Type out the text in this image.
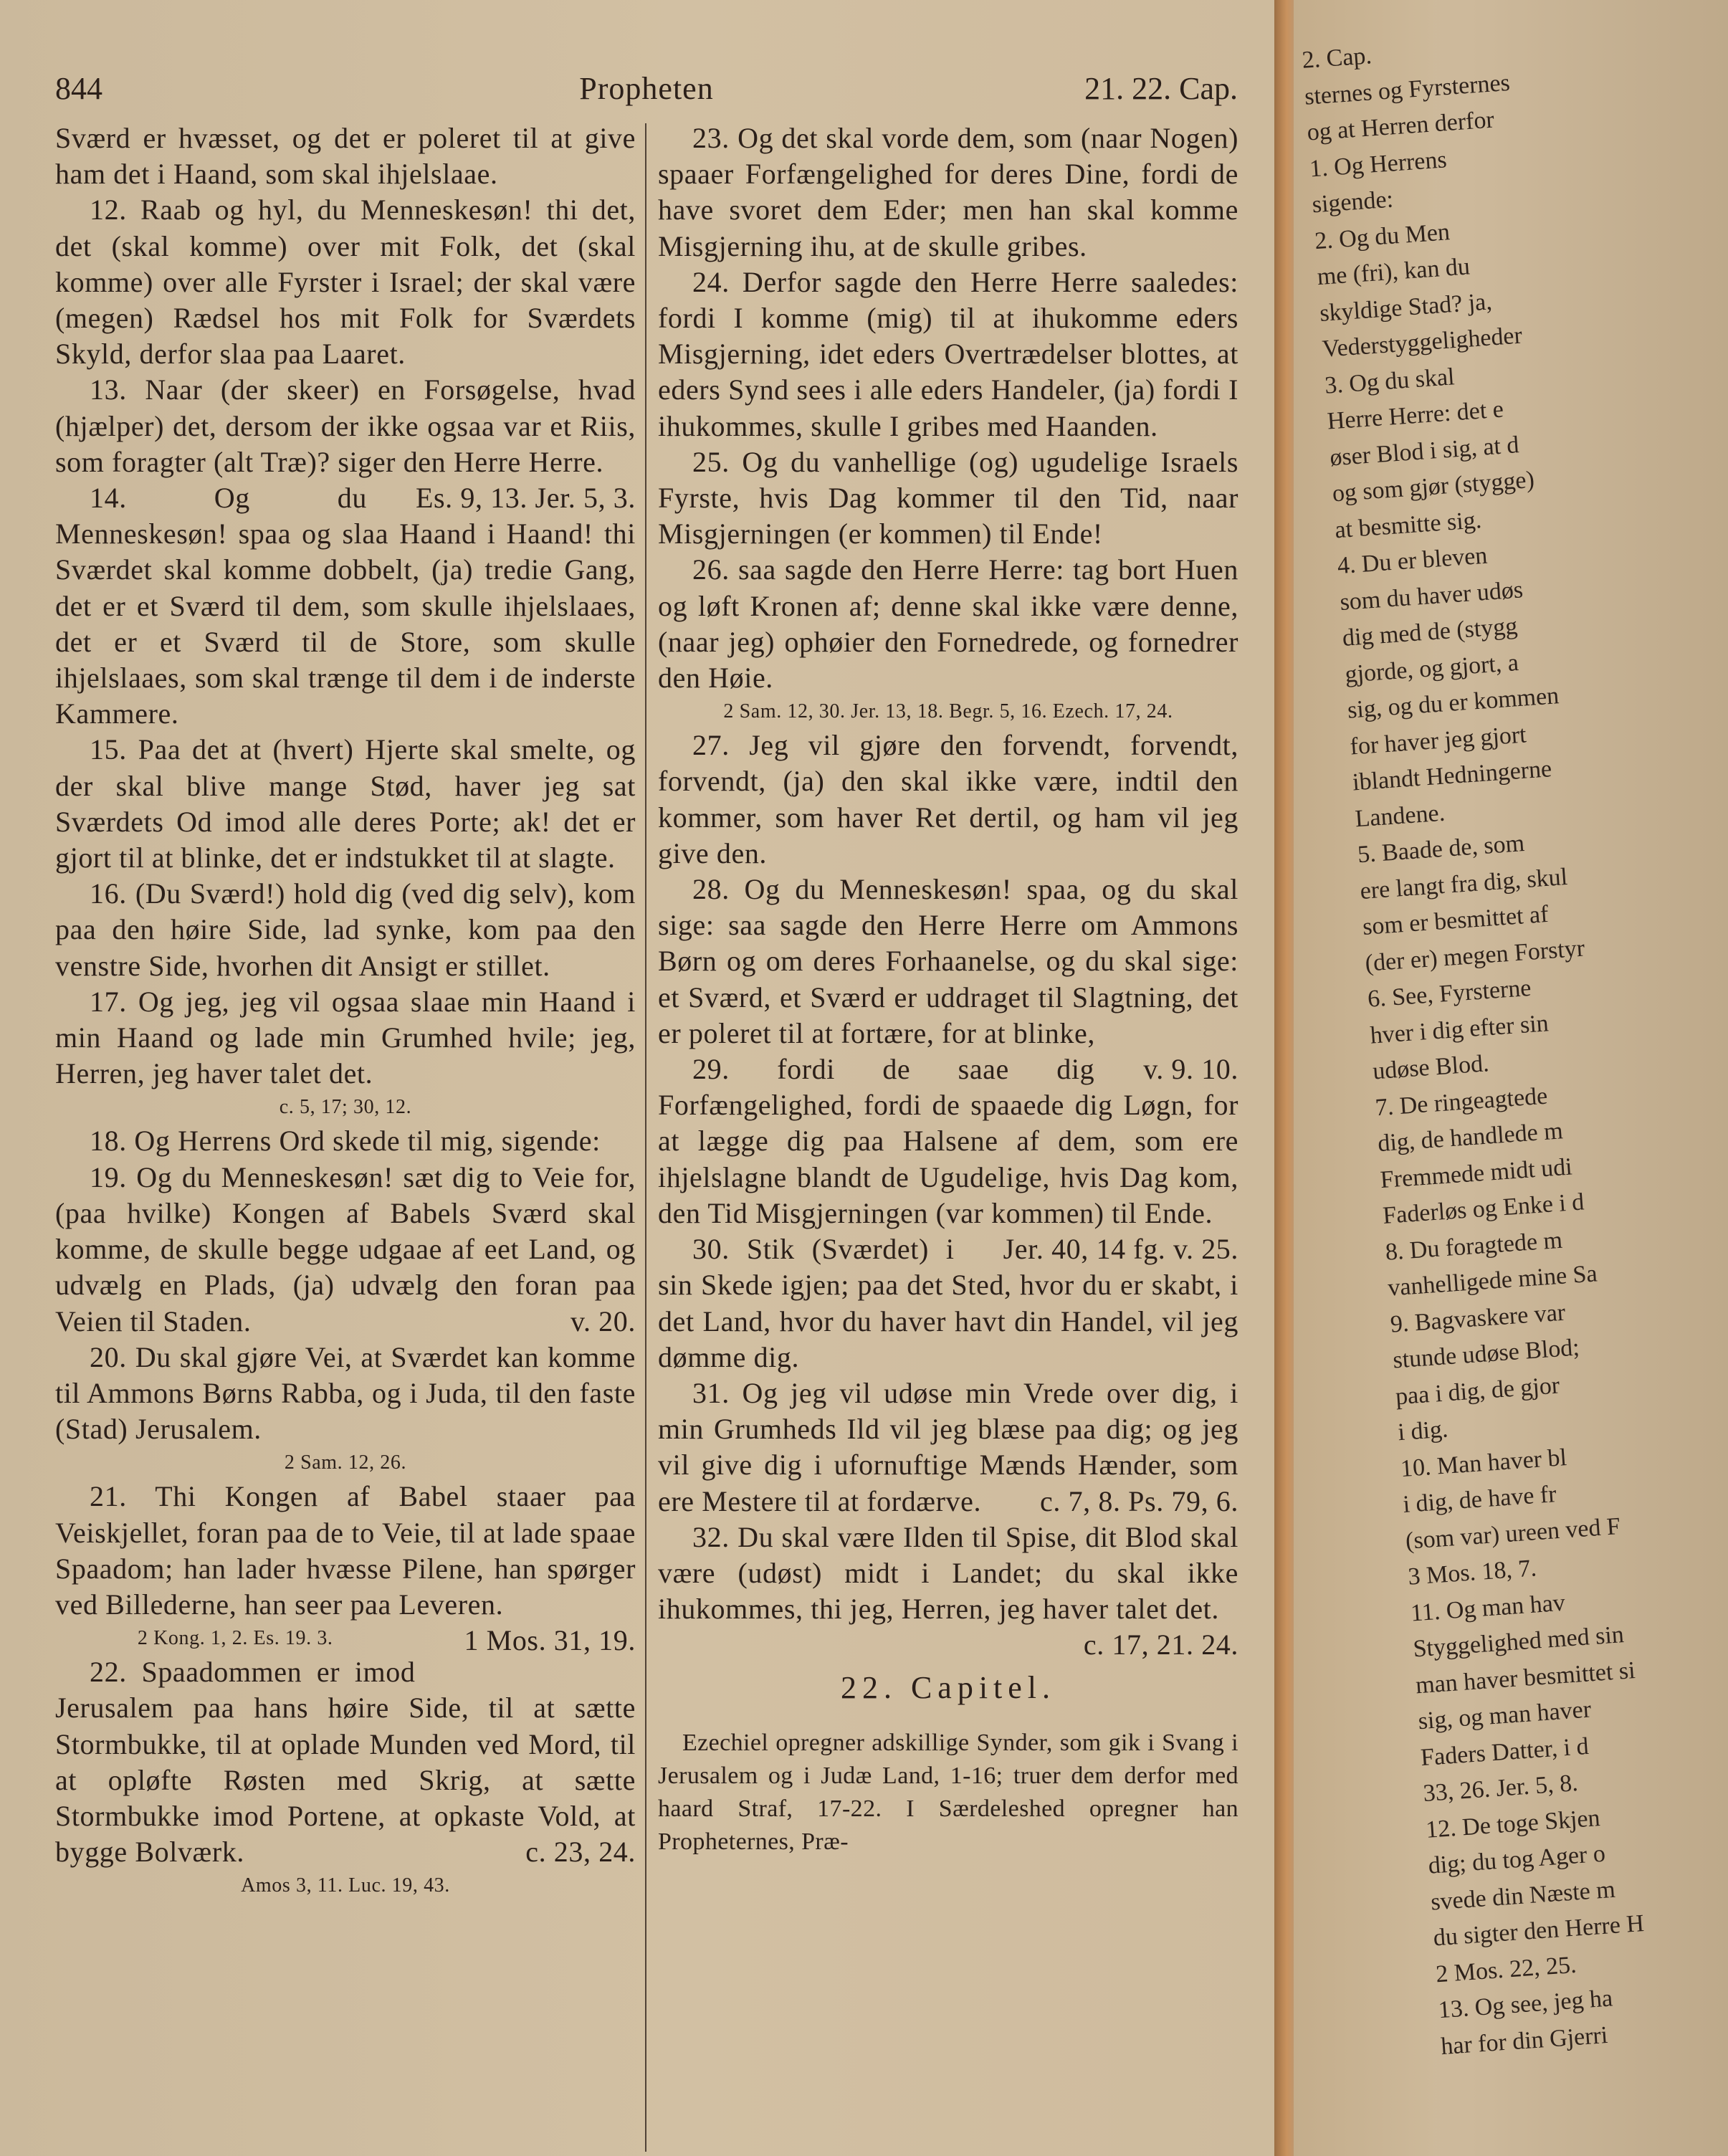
844	Propheten	21. 22. Cap.

Sværd er hvæsset, og det er poleret til at give ham det i Haand, som skal ihjelslaae.

12. Raab og hyl, du Menneskesøn! thi det, det (skal komme) over mit Folk, det (skal komme) over alle Fyrster i Israel; der skal være (megen) Rædsel hos mit Folk for Sværdets Skyld, derfor slaa paa Laaret.

13. Naar (der skeer) en Forsøgelse, hvad (hjælper) det, dersom der ikke ogsaa var et Riis, som foragter (alt Træ)? siger den Herre Herre.
Es. 9, 13. Jer. 5, 3.

14.	Og du Menneskesøn! spaa og slaa Haand i Haand! thi Sværdet skal komme dobbelt, (ja) tredie Gang, det er et Sværd til dem, som skulle ihjelslaaes, det er et Sværd til de Store, som skulle ihjelslaaes, som skal trænge til dem i de inderste Kammere.

15. Paa det at (hvert) Hjerte skal smelte, og der skal blive mange Stød, haver jeg sat Sværdets Od imod alle deres Porte; ak! det er gjort til at blinke, det er indstukket til at slagte.

16. (Du Sværd!) hold dig (ved dig selv), kom paa den høire Side, lad synke, kom paa den venstre Side, hvorhen dit Ansigt er stillet.

17. Og jeg, jeg vil ogsaa slaae min Haand i min Haand og lade min Grumhed hvile; jeg, Herren, jeg haver talet det.

c. 5, 17; 30, 12.

18. Og Herrens Ord skede til mig, sigende:

19. Og du Menneskesøn! sæt dig to Veie for, (paa hvilke) Kongen af Babels Sværd skal komme, de skulle begge udgaae af eet Land, og udvælg en Plads, (ja) udvælg den foran paa Veien til Staden.	v. 20.

20. Du skal gjøre Vei, at Sværdet kan komme til Ammons Børns Rabba, og i Juda, til den faste (Stad) Jerusalem.

2 Sam. 12, 26.

21. Thi Kongen af Babel staaer paa Veiskjellet, foran paa de to Veie, til at lade spaae Spaadom; han lader hvæsse Pilene, han spørger ved Billederne, han seer paa Leveren.
1 Mos. 31, 19.

2 Kong. 1, 2. Es. 19. 3.

22. Spaadommen er imod Jerusalem paa hans høire Side, til at sætte Stormbukke, til at oplade Munden ved Mord, til at opløfte Røsten med Skrig, at sætte Stormbukke imod Portene, at opkaste Vold, at bygge Bolværk.	c. 23, 24.

Amos 3, 11. Luc. 19, 43.

23. Og det skal vorde dem, som (naar Nogen) spaaer Forfængelighed for deres Dine, fordi de have svoret dem Eder; men han skal komme Misgjerning ihu, at de skulle gribes.

24. Derfor sagde den Herre Herre saaledes: fordi I komme (mig) til at ihukomme eders Misgjerning, idet eders Overtrædelser blottes, at eders Synd sees i alle eders Handeler, (ja) fordi I ihukommes, skulle I gribes med Haanden.

25. Og du vanhellige (og) ugudelige Israels Fyrste, hvis Dag kommer til den Tid, naar Misgjerningen (er kommen) til Ende!

26. saa sagde den Herre Herre: tag bort Huen og løft Kronen af; denne skal ikke være denne, (naar jeg) ophøier den Fornedrede, og fornedrer den Høie.

2 Sam. 12, 30. Jer. 13, 18. Begr. 5, 16. Ezech. 17, 24.

27. Jeg vil gjøre den forvendt, forvendt, forvendt, (ja) den skal ikke være, indtil den kommer, som haver Ret dertil, og ham vil jeg give den.

28. Og du Menneskesøn! spaa, og du skal sige: saa sagde den Herre Herre om Ammons Børn og om deres Forhaanelse, og du skal sige: et Sværd, et Sværd er uddraget til Slagtning, det er poleret til at fortære, for at blinke,
v. 9. 10.

29. fordi de saae dig Forfængelighed, fordi de spaaede dig Løgn, for at lægge dig paa Halsene af dem, som ere ihjelslagne blandt de Ugudelige, hvis Dag kom, den Tid Misgjerningen (var kommen) til Ende.
Jer. 40, 14 fg. v. 25.

30. Stik (Sværdet) i sin Skede igjen; paa det Sted, hvor du er skabt, i det Land, hvor du haver havt din Handel, vil jeg dømme dig.

31. Og jeg vil udøse min Vrede over dig, i min Grumheds Ild vil jeg blæse paa dig; og jeg vil give dig i ufornuftige Mænds Hænder, som ere Mestere til at fordærve.	c. 7, 8. Ps. 79, 6.

32. Du skal være Ilden til Spise, dit Blod skal være (udøst) midt i Landet; du skal ikke ihukommes, thi jeg, Herren, jeg haver talet det.
c. 17, 21. 24.

22. Capitel.

Ezechiel opregner adskillige Synder, som gik i Svang i Jerusalem og i Judæ Land, 1-16; truer dem derfor med haard Straf, 17-22. I Særdeleshed opregner han Propheternes, Præ-

2. Cap.
sternes og Fyrsternes
og at Herren derfor
1. Og Herrens
sigende:
2. Og du Men
me (fri), kan du
skyldige Stad? ja,
Vederstyggeligheder
3. Og du skal
Herre Herre: det e
øser Blod i sig, at d
og som gjør (stygge)
at besmitte sig.
4. Du er bleven
som du haver udøs
dig med de (stygg
gjorde, og gjort, a
sig, og du er kommen
for haver jeg gjort
iblandt Hedningerne
Landene.
5. Baade de, som
ere langt fra dig, skul
som er besmittet af
(der er) megen Forstyr
6. See, Fyrsterne
hver i dig efter sin
udøse Blod.
7. De ringeagtede
dig, de handlede m
Fremmede midt udi
Faderløs og Enke i d
8. Du foragtede m
vanhelligede mine Sa
9. Bagvaskere var
stunde udøse Blod;
paa i dig, de gjor
i dig.
10. Man haver bl
i dig, de have fr
(som var) ureen ved F
3 Mos. 18, 7.
11. Og man hav
Styggelighed med sin
man haver besmittet si
sig, og man haver
Faders Datter, i d
33, 26. Jer. 5, 8.
12. De toge Skjen
dig; du tog Ager o
svede din Næste m
du sigter den Herre H
2 Mos. 22, 25.
13. Og see, jeg ha
har for din Gjerri
